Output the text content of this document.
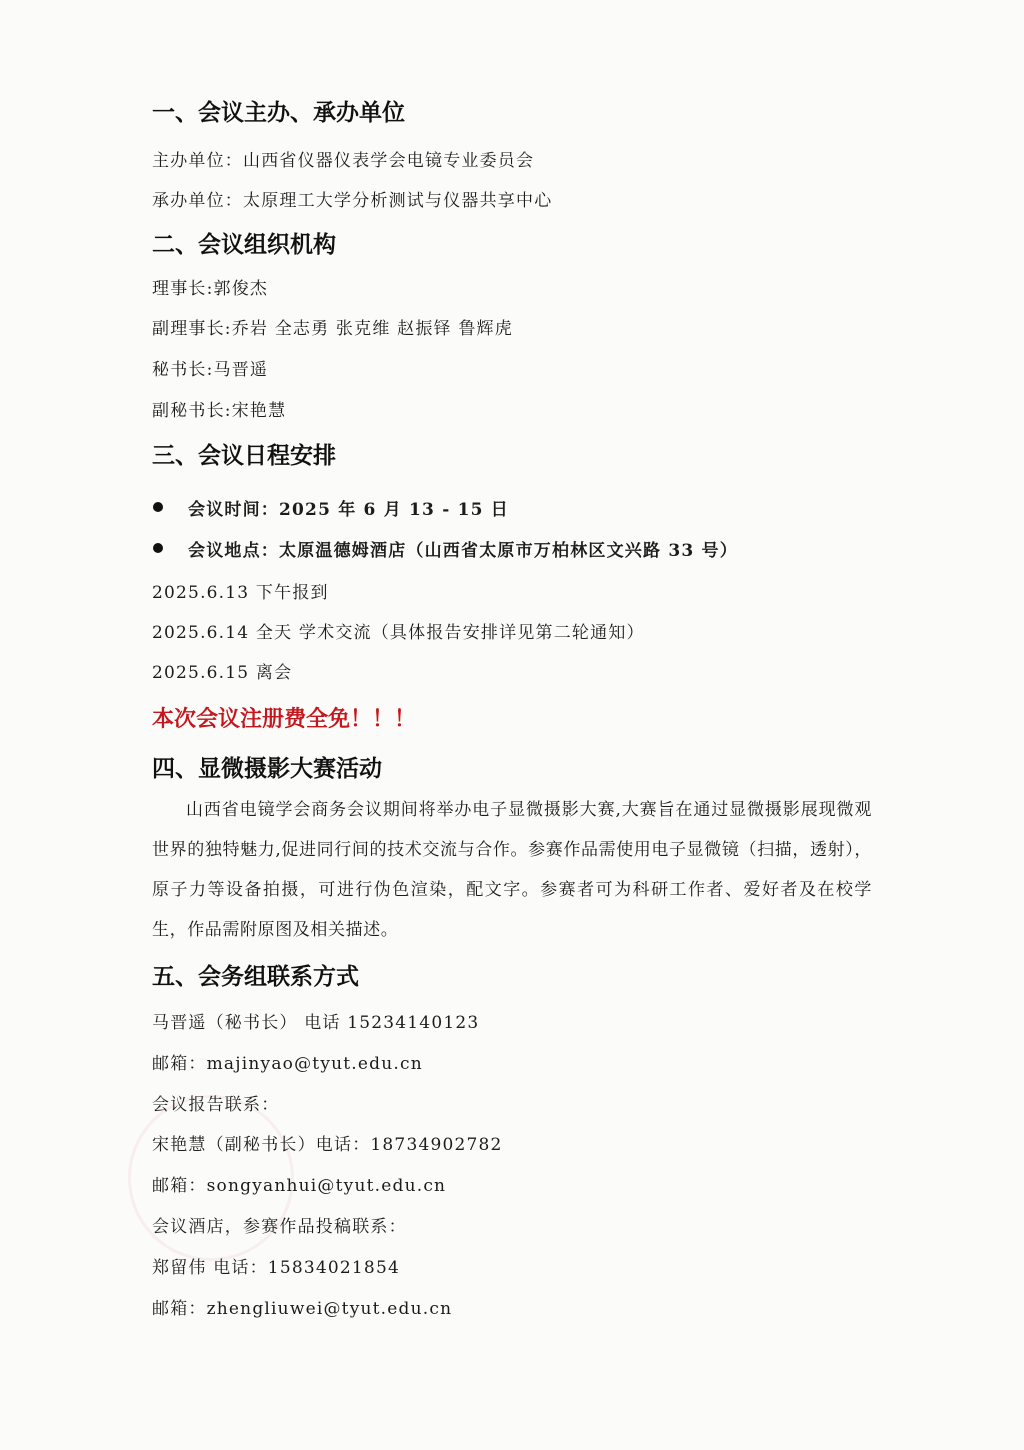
一、会议主办、承办单位
主办单位：山西省仪器仪表学会电镜专业委员会
承办单位：太原理工大学分析测试与仪器共享中心
二、会议组织机构
理事长:郭俊杰
副理事长:乔岩 全志勇 张克维 赵振铎 鲁辉虎
秘书长:马晋遥
副秘书长:宋艳慧
三、会议日程安排
会议时间：2025 年 6 月 13 - 15 日
会议地点：太原温德姆酒店（山西省太原市万柏林区文兴路 33 号）
2025.6.13 下午报到
2025.6.14 全天 学术交流（具体报告安排详见第二轮通知）
2025.6.15 离会
本次会议注册费全免！！！
四、显微摄影大赛活动
山西省电镜学会商务会议期间将举办电子显微摄影大赛,大赛旨在通过显微摄影展现微观世界的独特魅力,促进同行间的技术交流与合作。参赛作品需使用电子显微镜（扫描，透射），原子力等设备拍摄，可进行伪色渲染，配文字。参赛者可为科研工作者、爱好者及在校学生，作品需附原图及相关描述。
五、会务组联系方式
马晋遥（秘书长） 电话 15234140123
邮箱：majinyao@tyut.edu.cn
会议报告联系：
宋艳慧（副秘书长）电话：18734902782
邮箱：songyanhui@tyut.edu.cn
会议酒店，参赛作品投稿联系：
郑留伟 电话：15834021854
邮箱：zhengliuwei@tyut.edu.cn
